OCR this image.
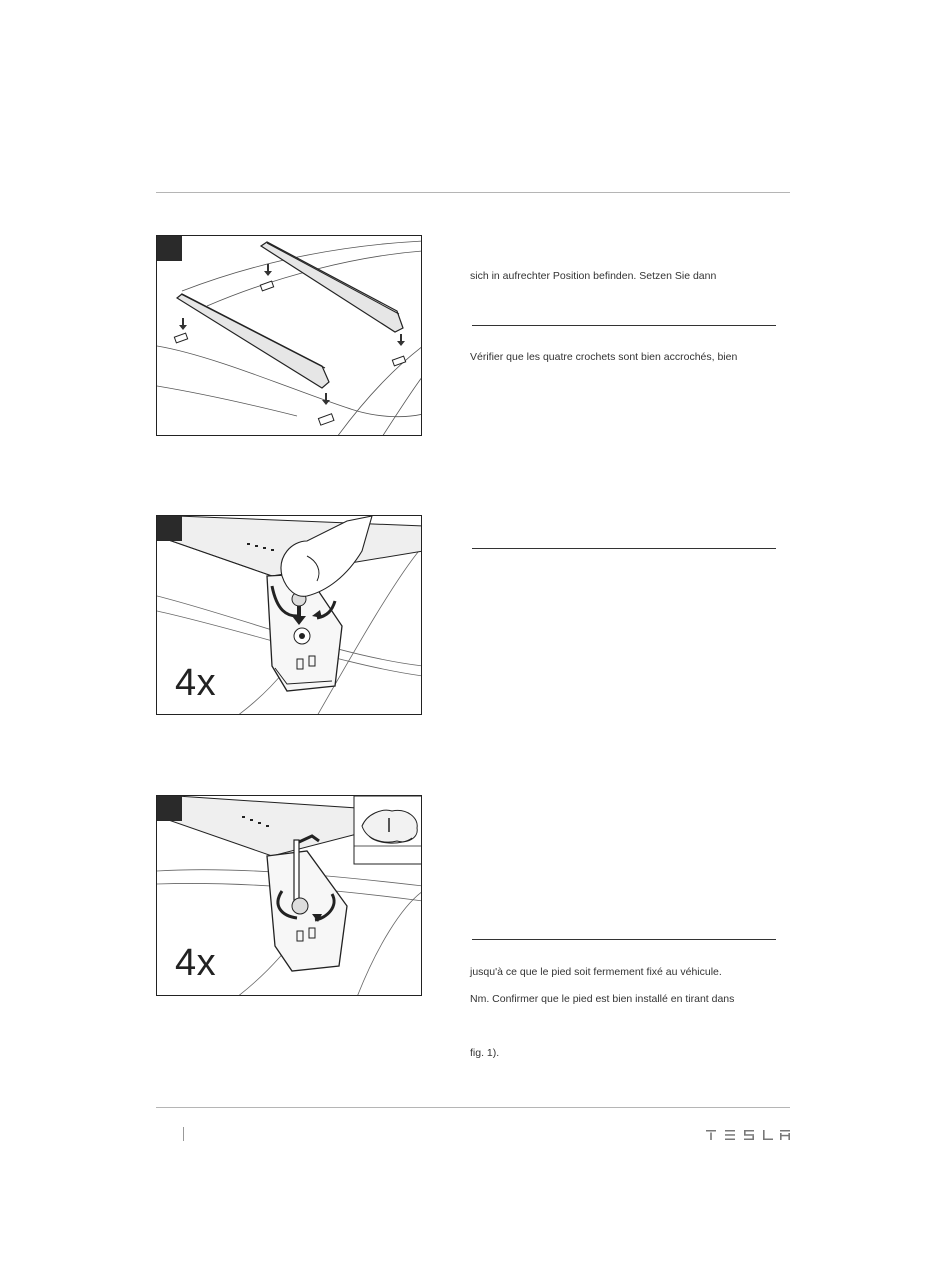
4x
4x
sich in aufrechter Position befinden. Setzen Sie dann
Vérifier que les quatre crochets sont bien accrochés, bien
jusqu'à ce que le pied soit fermement fixé au véhicule.
Nm. Confirmer que le pied est bien installé en tirant dans
fig. 1).
